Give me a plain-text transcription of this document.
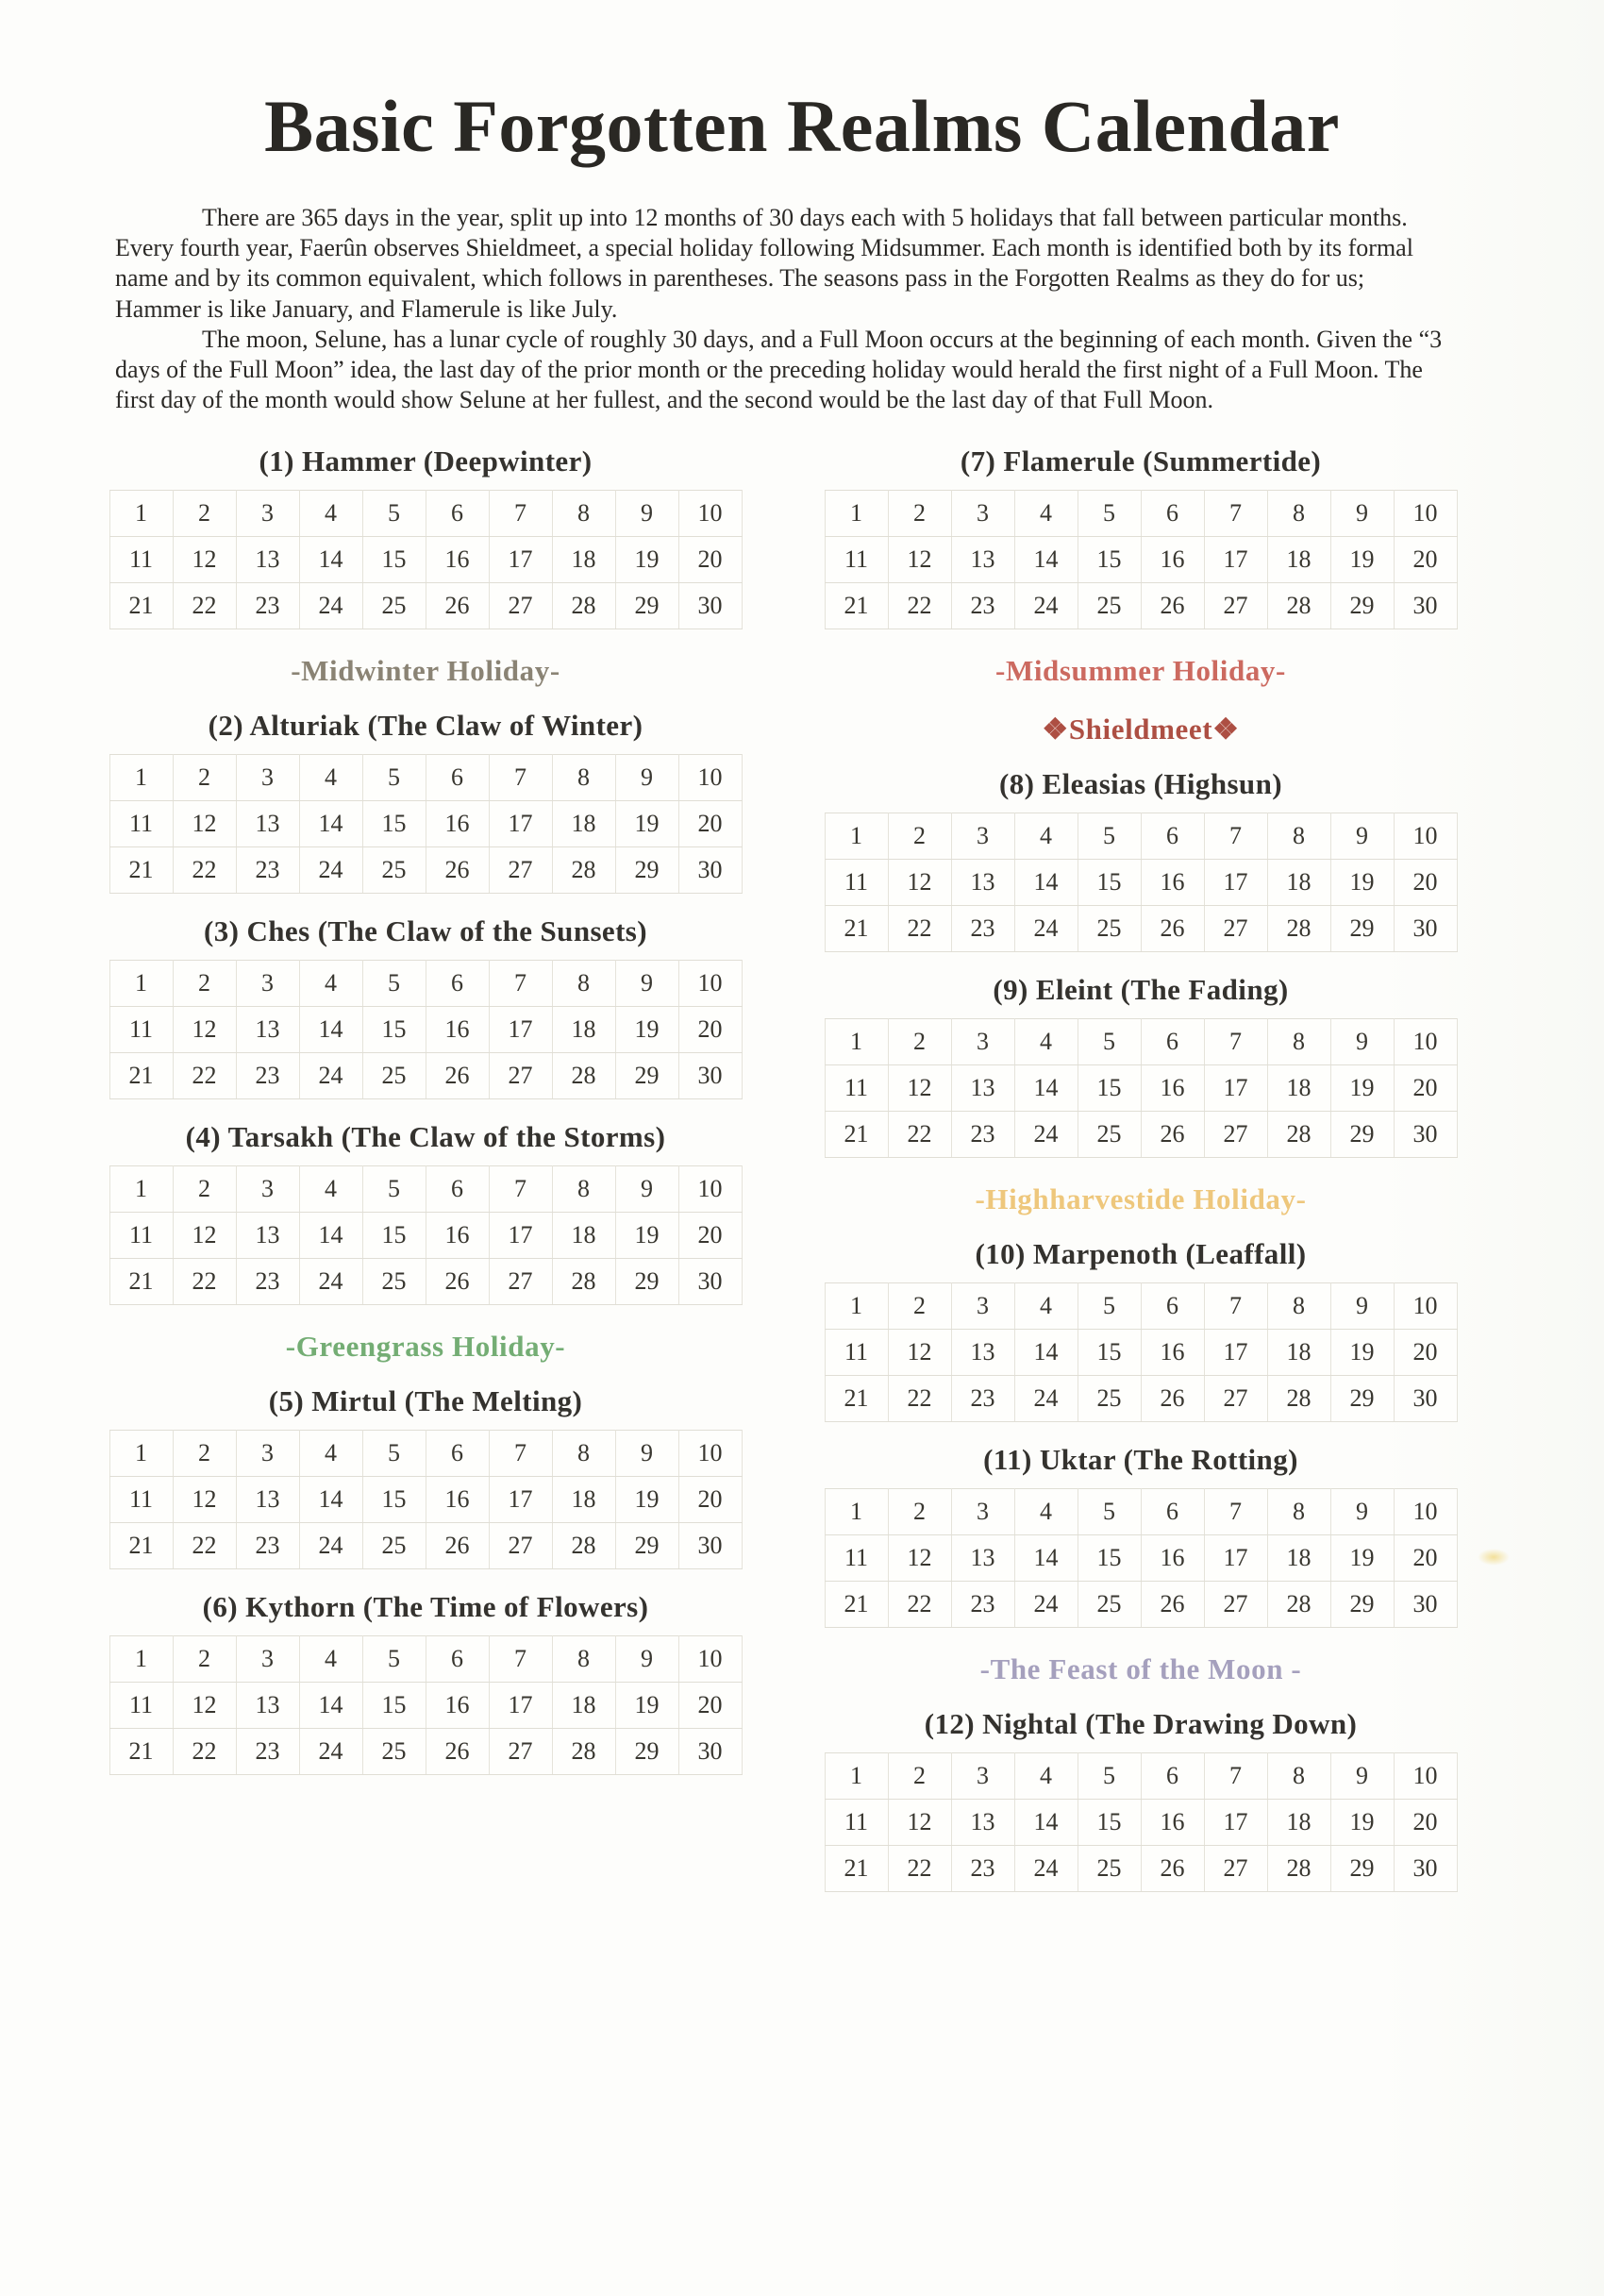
Basic Forgotten Realms Calendar

There are 365 days in the year, split up into 12 months of 30 days each with 5 holidays that fall between particular months. Every fourth year, Faerûn observes Shieldmeet, a special holiday following Midsummer. Each month is identified both by its formal name and by its common equivalent, which follows in parentheses. The seasons pass in the Forgotten Realms as they do for us; Hammer is like January, and Flamerule is like July.

The moon, Selune, has a lunar cycle of roughly 30 days, and a Full Moon occurs at the beginning of each month. Given the “3 days of the Full Moon” idea, the last day of the prior month or the preceding holiday would herald the first night of a Full Moon. The first day of the month would show Selune at her fullest, and the second would be the last day of that Full Moon.

(1) Hammer (Deepwinter)
1	2	3	4	5	6	7	8	9	10
11	12	13	14	15	16	17	18	19	20
21	22	23	24	25	26	27	28	29	30
-Midwinter Holiday-
(2) Alturiak (The Claw of Winter)
1	2	3	4	5	6	7	8	9	10
11	12	13	14	15	16	17	18	19	20
21	22	23	24	25	26	27	28	29	30
(3) Ches (The Claw of the Sunsets)
1	2	3	4	5	6	7	8	9	10
11	12	13	14	15	16	17	18	19	20
21	22	23	24	25	26	27	28	29	30
(4) Tarsakh (The Claw of the Storms)
1	2	3	4	5	6	7	8	9	10
11	12	13	14	15	16	17	18	19	20
21	22	23	24	25	26	27	28	29	30
-Greengrass Holiday-
(5) Mirtul (The Melting)
1	2	3	4	5	6	7	8	9	10
11	12	13	14	15	16	17	18	19	20
21	22	23	24	25	26	27	28	29	30
(6) Kythorn (The Time of Flowers)
1	2	3	4	5	6	7	8	9	10
11	12	13	14	15	16	17	18	19	20
21	22	23	24	25	26	27	28	29	30
(7) Flamerule (Summertide)
1	2	3	4	5	6	7	8	9	10
11	12	13	14	15	16	17	18	19	20
21	22	23	24	25	26	27	28	29	30
-Midsummer Holiday-
❖Shieldmeet❖
(8) Eleasias (Highsun)
1	2	3	4	5	6	7	8	9	10
11	12	13	14	15	16	17	18	19	20
21	22	23	24	25	26	27	28	29	30
(9) Eleint (The Fading)
1	2	3	4	5	6	7	8	9	10
11	12	13	14	15	16	17	18	19	20
21	22	23	24	25	26	27	28	29	30
-Highharvestide Holiday-
(10) Marpenoth (Leaffall)
1	2	3	4	5	6	7	8	9	10
11	12	13	14	15	16	17	18	19	20
21	22	23	24	25	26	27	28	29	30
(11) Uktar (The Rotting)
1	2	3	4	5	6	7	8	9	10
11	12	13	14	15	16	17	18	19	20
21	22	23	24	25	26	27	28	29	30
-The Feast of the Moon -
(12) Nightal (The Drawing Down)
1	2	3	4	5	6	7	8	9	10
11	12	13	14	15	16	17	18	19	20
21	22	23	24	25	26	27	28	29	30
